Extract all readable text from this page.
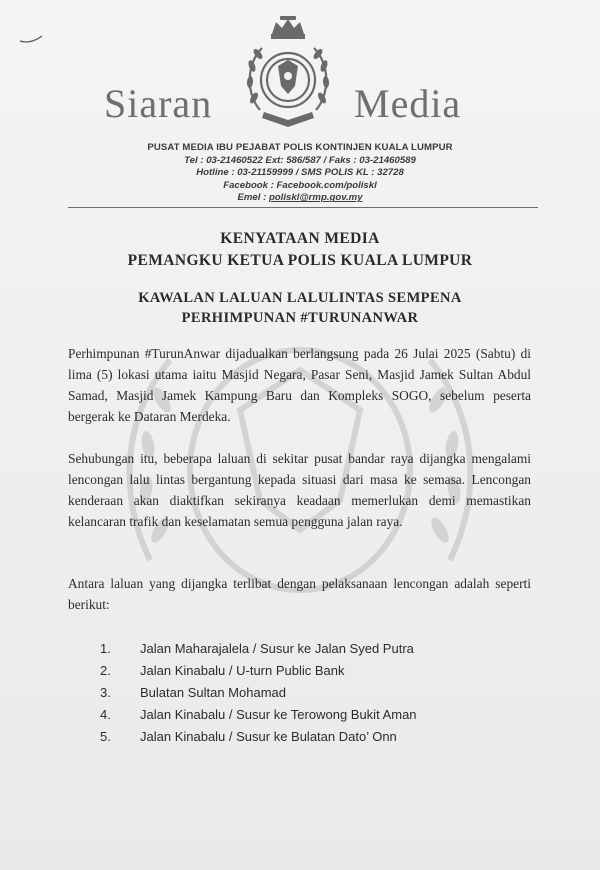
Siaran	Media
PUSAT MEDIA IBU PEJABAT POLIS KONTINJEN KUALA LUMPUR
Tel : 03-21460522 Ext: 586/587 / Faks : 03-21460589
Hotline : 03-21159999 / SMS POLIS KL : 32728
Facebook : Facebook.com/poliskl
Emel : poliskl@rmp.gov.my
KENYATAAN MEDIA
PEMANGKU KETUA POLIS KUALA LUMPUR
KAWALAN LALUAN LALULINTAS SEMPENA
PERHIMPUNAN #TURUNANWAR
Perhimpunan #TurunAnwar dijadualkan berlangsung pada 26 Julai 2025 (Sabtu) di lima (5) lokasi utama iaitu Masjid Negara, Pasar Seni, Masjid Jamek Sultan Abdul Samad, Masjid Jamek Kampung Baru dan Kompleks SOGO, sebelum peserta bergerak ke Dataran Merdeka.
Sehubungan itu, beberapa laluan di sekitar pusat bandar raya dijangka mengalami lencongan lalu lintas bergantung kepada situasi dari masa ke semasa. Lencongan kenderaan akan diaktifkan sekiranya keadaan memerlukan demi memastikan kelancaran trafik dan keselamatan semua pengguna jalan raya.
Antara laluan yang dijangka terlibat dengan pelaksanaan lencongan adalah seperti berikut:
1.	Jalan Maharajalela / Susur ke Jalan Syed Putra
2.	Jalan Kinabalu / U-turn Public Bank
3.	Bulatan Sultan Mohamad
4.	Jalan Kinabalu / Susur ke Terowong Bukit Aman
5.	Jalan Kinabalu / Susur ke Bulatan Dato’ Onn
